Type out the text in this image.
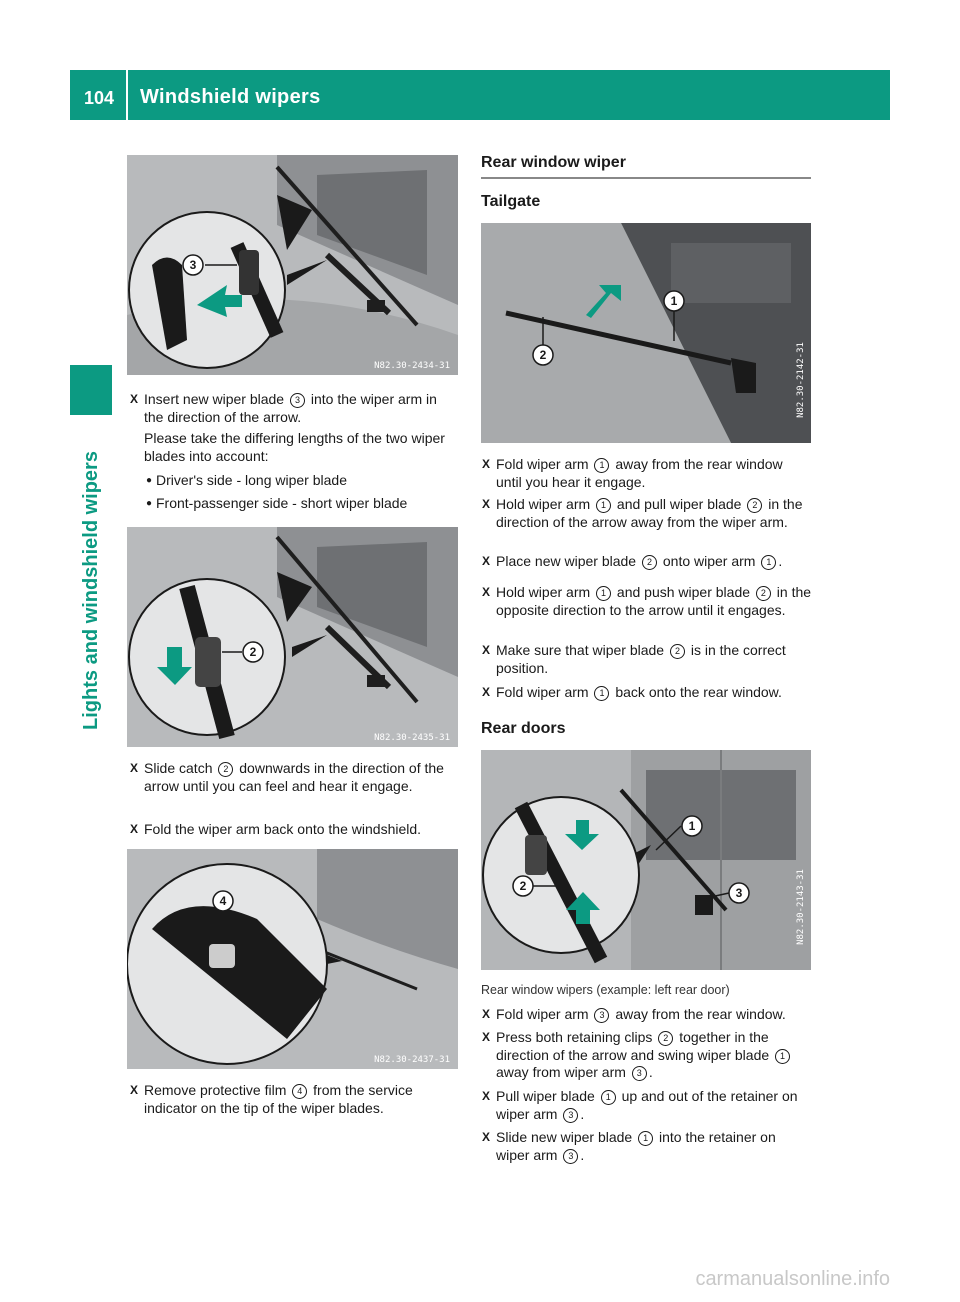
104 Windshield wipers
Lights and windshield wipers
3
N82.30-2434-31
X Insert new wiper blade 3 into the wiper arm in the direction of the arrow.
Please take the differing lengths of the two wiper blades into account:
● Driver's side - long wiper blade
● Front-passenger side - short wiper blade
2
N82.30-2435-31
X Slide catch 2 downwards in the direction of the arrow until you can feel and hear it engage.
X Fold the wiper arm back onto the windshield.
4
N82.30-2437-31
X Remove protective film 4 from the service indicator on the tip of the wiper blades.
Rear window wiper
Tailgate
1
2	N82.30-2142-31
X Fold wiper arm 1 away from the rear window until you hear it engage.
X Hold wiper arm 1 and pull wiper blade 2 in the direction of the arrow away from the wiper arm.
X Place new wiper blade 2 onto wiper arm 1 .
X Hold wiper arm 1 and push wiper blade 2 in the opposite direction to the arrow until it engages.
X Make sure that wiper blade 2 is in the correct position.
X Fold wiper arm 1 back onto the rear window.
Rear doors
2
1
3	N82.30-2143-31
Rear window wipers (example: left rear door)
X Fold wiper arm 3 away from the rear window.
X Press both retaining clips 2 together in the direction of the arrow and swing wiper blade 1 away from wiper arm 3 .
X Pull wiper blade 1 up and out of the retainer on wiper arm 3 .
X Slide new wiper blade 1 into the retainer on wiper arm 3 .
carmanualsonline.info
